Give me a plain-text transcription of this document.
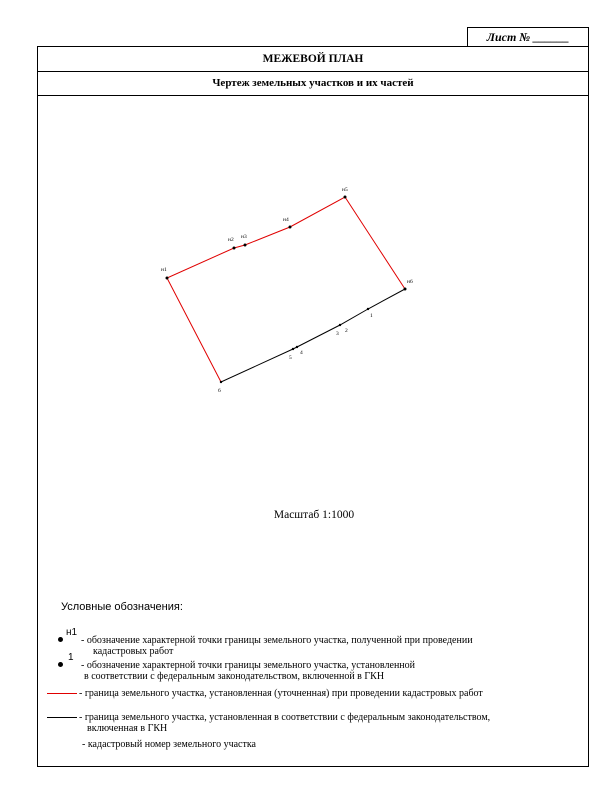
Лист № ______
МЕЖЕВОЙ ПЛАН
Чертеж земельных участков и их частей
н1
н2 н3
н4
н5
н6
1
2
3
4
5
6
Масштаб 1:1000
Условные обозначения:
н1
- обозначение характерной точки границы земельного участка, полученной при проведении
кадастровых работ
1
- обозначение характерной точки границы земельного участка, установленной
в соответствии с федеральным законодательством, включенной в ГКН
- граница земельного участка, установленная (уточненная) при проведении кадастровых работ
- граница земельного участка, установленная в соответствии с федеральным законодательством,
включенная в ГКН
- кадастровый номер земельного участка
